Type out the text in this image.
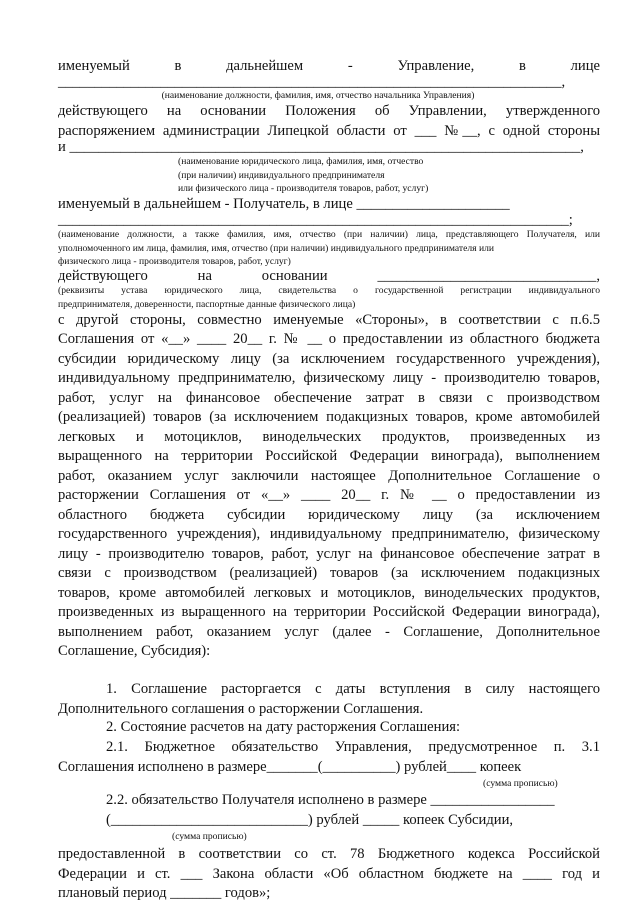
именуемый в дальнейшем - Управление, в лице
_____________________________________________________________________,
(наименование должности, фамилия, имя, отчество начальника Управления)
действующего на основании Положения об Управлении, утвержденного
распоряжением администрации Липецкой области от ___ №__, с одной стороны
и ______________________________________________________________________,
(наименование юридического лица, фамилия, имя, отчество
(при наличии) индивидуального предпринимателя
или физического лица - производителя товаров, работ, услуг)
именуемый в дальнейшем - Получатель, в лице _____________________
______________________________________________________________________;
(наименование должности, а также фамилия, имя, отчество (при наличии) лица, представляющего Получателя, или
уполномоченного им лица, фамилия, имя, отчество (при наличии) индивидуального предпринимателя или
физического лица - производителя товаров, работ, услуг)
действующего на основании ______________________________,
(реквизиты устава юридического лица, свидетельства о государственной регистрации индивидуального
предпринимателя, доверенности, паспортные данные физического лица)
с другой стороны, совместно именуемые «Стороны», в соответствии с п.6.5
Соглашения от «__» ____ 20__ г. № __ о предоставлении из областного бюджета
субсидии юридическому лицу (за исключением государственного учреждения),
индивидуальному предпринимателю, физическому лицу - производителю товаров,
работ, услуг на финансовое обеспечение затрат в связи с производством
(реализацией) товаров (за исключением подакцизных товаров, кроме автомобилей
легковых и мотоциклов, винодельческих продуктов, произведенных из
выращенного на территории Российской Федерации винограда), выполнением
работ, оказанием услуг заключили настоящее Дополнительное Соглашение о
расторжении Соглашения от «__» ____ 20__ г. № __ о предоставлении из
областного бюджета субсидии юридическому лицу (за исключением
государственного учреждения), индивидуальному предпринимателю, физическому
лицу - производителю товаров, работ, услуг на финансовое обеспечение затрат в
связи с производством (реализацией) товаров (за исключением подакцизных
товаров, кроме автомобилей легковых и мотоциклов, винодельческих продуктов,
произведенных из выращенного на территории Российской Федерации винограда),
выполнением работ, оказанием услуг (далее - Соглашение, Дополнительное
Соглашение, Субсидия):
1. Соглашение расторгается с даты вступления в силу настоящего
Дополнительного соглашения о расторжении Соглашения.
2. Состояние расчетов на дату расторжения Соглашения:
2.1. Бюджетное обязательство Управления, предусмотренное п. 3.1
Соглашения исполнено в размере_______(__________) рублей____ копеек
(сумма прописью)
2.2. обязательство Получателя исполнено в размере _________________
(___________________________) рублей _____ копеек Субсидии,
(сумма прописью)
предоставленной в соответствии со ст. 78 Бюджетного кодекса Российской
Федерации и ст. ___ Закона области «Об областном бюджете на ____ год и
плановый период _______ годов»;
